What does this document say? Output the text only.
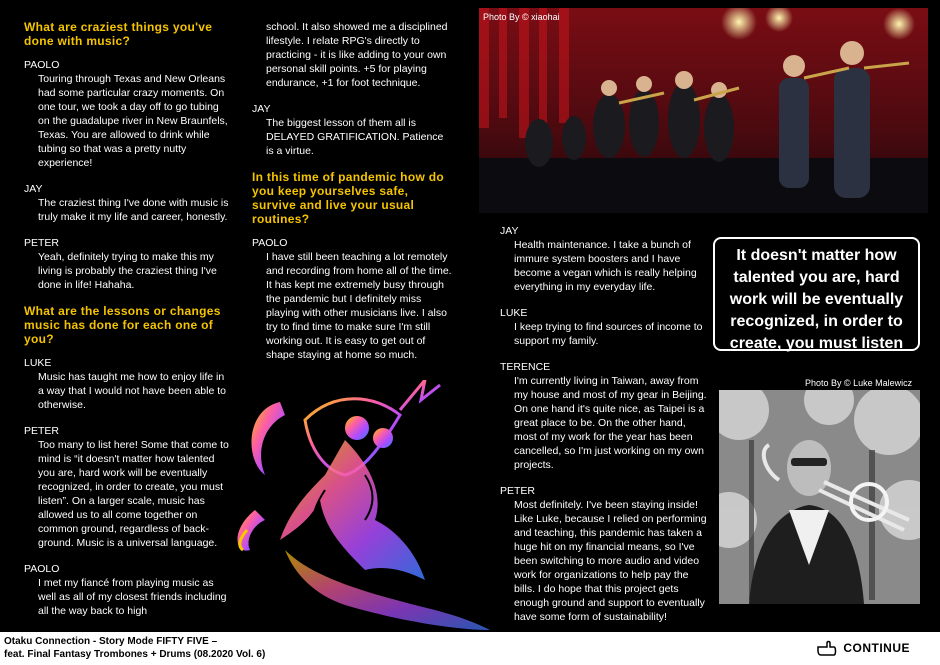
What are craziest things you've done with music?

PAOLO

Touring through Texas and New Orleans had some particular crazy moments. On one tour, we took a day off to go tubing on the guadalupe river in New Braunfels, Texas. You are allowed to drink while tubing so that was a pretty nutty experience!

JAY

The craziest thing I've done with music is truly make it my life and career, honestly.

PETER

Yeah, definitely trying to make this my living is probably the craziest thing I've done in life! Hahaha.

What are the lessons or changes music has done for each one of you?

LUKE

Music has taught me how to enjoy life in a way that I would not have been able to otherwise.

PETER

Too many to list here! Some that come to mind is “it doesn't matter how talented you are, hard work will be eventually recognized, in order to create, you must listen”. On a larger scale, music has allowed us to all come together on common ground, regardless of back-ground. Music is a universal language.

PAOLO

I met my fiancé from playing music as well as all of my closest friends including all the way back to high

school. It also showed me a disciplined lifestyle. I relate RPG's directly to practicing - it is like adding to your own personal skill points. +5 for playing endurance, +1 for foot technique.

JAY

The biggest lesson of them all is DELAYED GRATIFICATION. Patience is a virtue.

In this time of pandemic how do you keep yourselves safe, survive and live your usual routines?

PAOLO

I have still been teaching a lot remotely and recording from home all of the time. It has kept me extremely busy through the pandemic but I definitely miss playing with other musicians live. I also try to find time to make sure I'm still working out. It is easy to get out of shape staying at home so much.

Photo By © xiaohai
It doesn't matter how talented you are, hard work will be eventually recognized, in order to create, you must listen

JAY

Health maintenance. I take a bunch of immure system boosters and I have become a vegan which is really helping everything in my everyday life.

LUKE

I keep trying to find sources of income to support my family.

TERENCE

I'm currently living in Taiwan, away from my house and most of my gear in Beijing. On one hand it's quite nice, as Taipei is a great place to be. On the other hand, most of my work for the year has been cancelled, so I'm just working on my own projects.

PETER

Most definitely. I've been staying inside! Like Luke, because I relied on performing and teaching, this pandemic has taken a huge hit on my financial means, so I've been switching to more audio and video work for organizations to help pay the bills. I do hope that this project gets enough ground and support to eventually have some form of sustainability!

Photo By © Luke Malewicz
Otaku Connection - Story Mode FIFTY FIVE –
feat. Final Fantasy Trombones + Drums (08.2020 Vol. 6)	CONTINUE
